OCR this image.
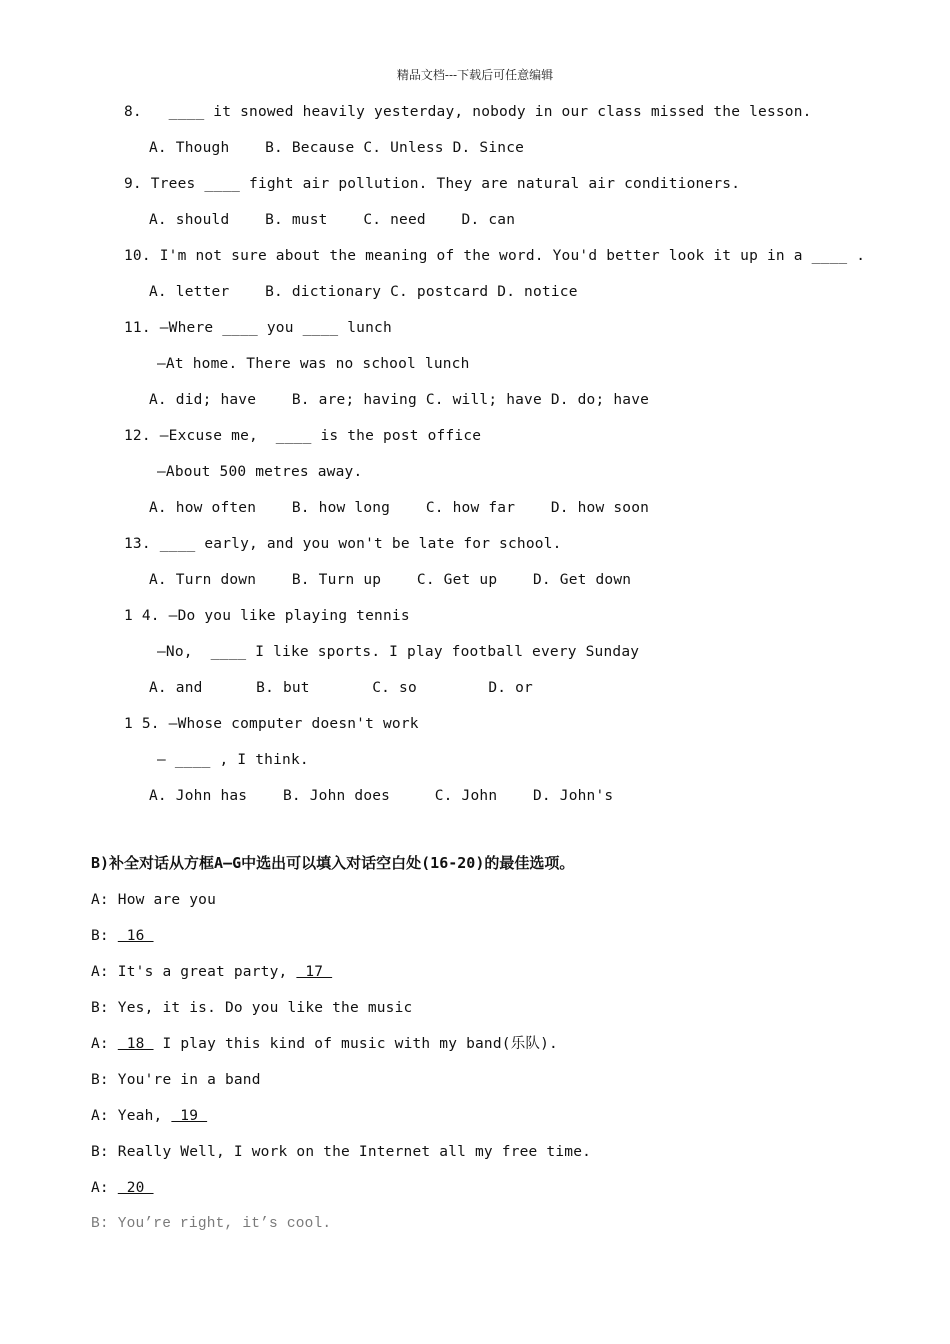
精品文档---下载后可任意编辑
8.   ____ it snowed heavily yesterday, nobody in our class missed the lesson.
A. Though    B. Because C. Unless D. Since
9. Trees ____ fight air pollution. They are natural air conditioners.
A. should    B. must    C. need    D. can
10. I'm not sure about the meaning of the word. You'd better look it up in a ____ .
A. letter    B. dictionary C. postcard D. notice
11. —Where ____ you ____ lunch
—At home. There was no school lunch
A. did; have    B. are; having C. will; have D. do; have
12. —Excuse me,  ____ is the post office
—About 500 metres away.
A. how often    B. how long    C. how far    D. how soon
13. ____ early, and you won't be late for school.
A. Turn down    B. Turn up    C. Get up    D. Get down
1 4. —Do you like playing tennis
—No,  ____ I like sports. I play football every Sunday
A. and      B. but       C. so        D. or
1 5. —Whose computer doesn't work
— ____ , I think.
A. John has    B. John does     C. John    D. John's
B)补全对话从方框A—G中选出可以填入对话空白处(16-20)的最佳选项。
A: How are you
B:  16
A: It's a great party,  17
B: Yes, it is. Do you like the music
A:  18  I play this kind of music with my band(乐队).
B: You're in a band
A: Yeah,  19
B: Really Well, I work on the Internet all my free time.
A:  20
B: You’re right, it’s cool.
